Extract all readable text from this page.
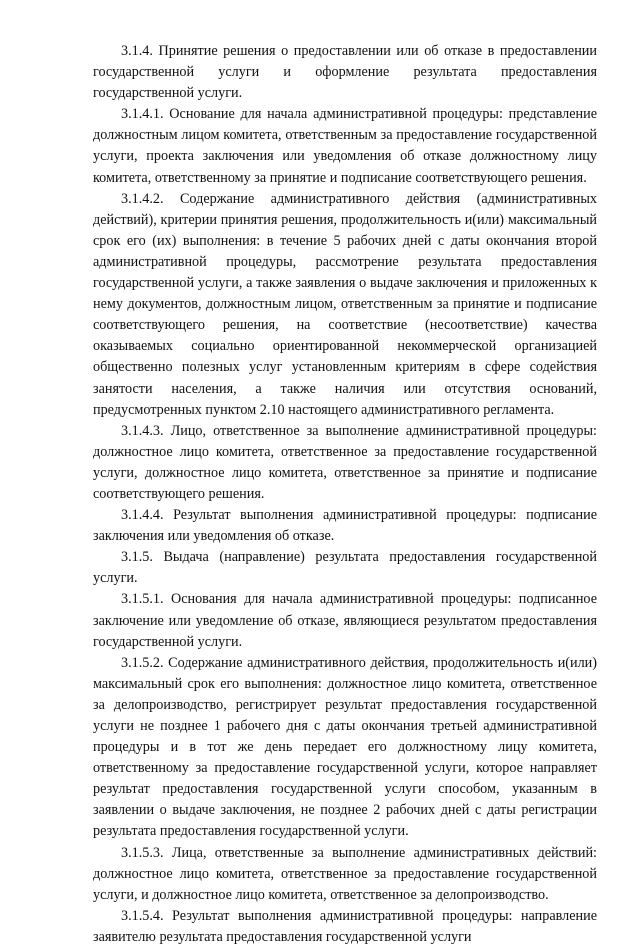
3.1.4. Принятие решения о предоставлении или об отказе в предоставлении государственной услуги и оформление результата предоставления государственной услуги.

3.1.4.1. Основание для начала административной процедуры: представление должностным лицом комитета, ответственным за предоставление государственной услуги, проекта заключения или уведомления об отказе должностному лицу комитета, ответственному за принятие и подписание соответствующего решения.

3.1.4.2. Содержание административного действия (административных действий), критерии принятия решения, продолжительность и(или) максимальный срок его (их) выполнения: в течение 5 рабочих дней с даты окончания второй административной процедуры, рассмотрение результата предоставления государственной услуги, а также заявления о выдаче заключения и приложенных к нему документов, должностным лицом, ответственным за принятие и подписание соответствующего решения, на соответствие (несоответствие) качества оказываемых социально ориентированной некоммерческой организацией общественно полезных услуг установленным критериям в сфере содействия занятости населения, а также наличия или отсутствия оснований, предусмотренных пунктом 2.10 настоящего административного регламента.

3.1.4.3. Лицо, ответственное за выполнение административной процедуры: должностное лицо комитета, ответственное за предоставление государственной услуги, должностное лицо комитета, ответственное за принятие и подписание соответствующего решения.

3.1.4.4. Результат выполнения административной процедуры: подписание заключения или уведомления об отказе.

3.1.5. Выдача (направление) результата предоставления государственной услуги.

3.1.5.1. Основания для начала административной процедуры: подписанное заключение или уведомление об отказе, являющиеся результатом предоставления государственной услуги.

3.1.5.2. Содержание административного действия, продолжительность и(или) максимальный срок его выполнения: должностное лицо комитета, ответственное за делопроизводство, регистрирует результат предоставления государственной услуги не позднее 1 рабочего дня с даты окончания третьей административной процедуры и в тот же день передает его должностному лицу комитета, ответственному за предоставление государственной услуги, которое направляет результат предоставления государственной услуги способом, указанным в заявлении о выдаче заключения, не позднее 2 рабочих дней с даты регистрации результата предоставления государственной услуги.

3.1.5.3. Лица, ответственные за выполнение административных действий: должностное лицо комитета, ответственное за предоставление государственной услуги, и должностное лицо комитета, ответственное за делопроизводство.

3.1.5.4. Результат выполнения административной процедуры: направление заявителю результата предоставления государственной услуги
